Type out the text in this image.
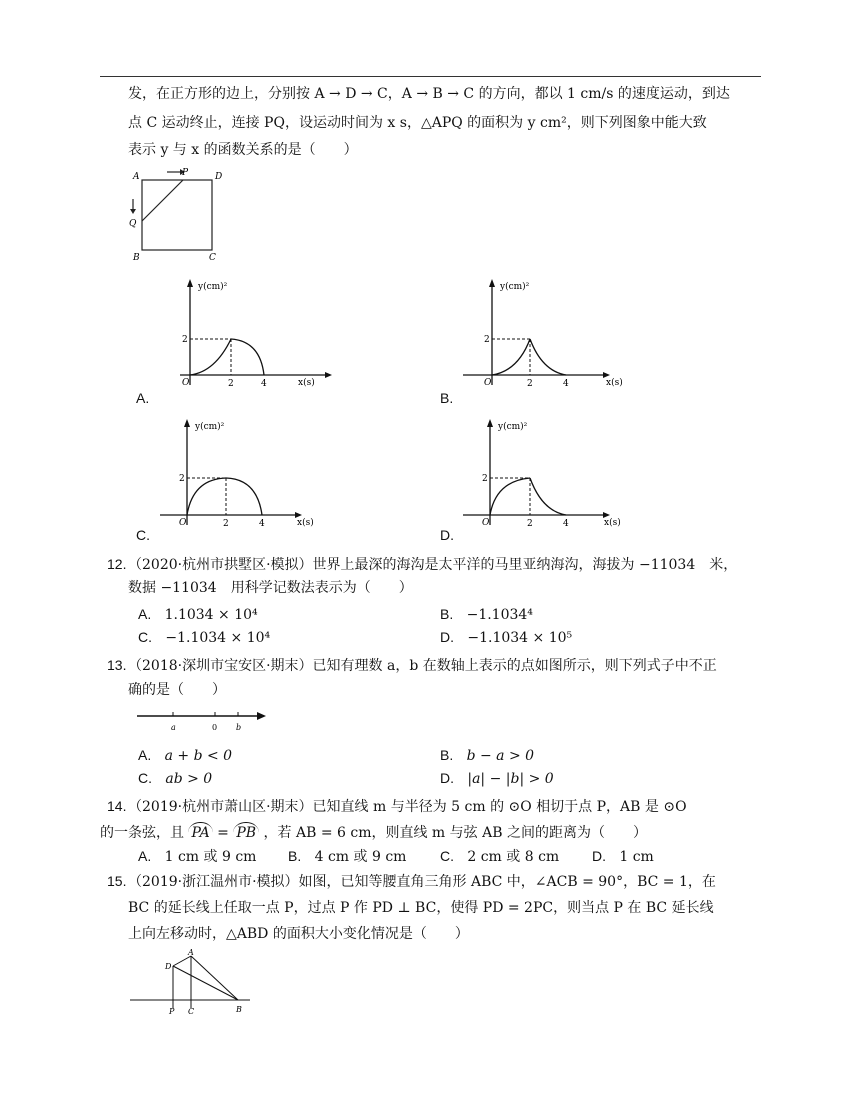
发，在正方形的边上，分别按 A → D → C，A → B → C 的方向，都以 1 cm/s 的速度运动，到达
点 C 运动终止，连接 PQ，设运动时间为 x s，△APQ 的面积为 y cm²，则下列图象中能大致
表示 y 与 x 的函数关系的是（　　）
A	P	D
Q
B	C
y(cm)²
x(s)
O	2	4
2
A.
y(cm)²
x(s)
O	2	4
2
B.
y(cm)²
x(s)
O	2	4
2
C.
y(cm)²
x(s)
O	2	4
2
D.
12. （2020·杭州市拱墅区·模拟）世界上最深的海沟是太平洋的马里亚纳海沟，海拔为 −11034　米，
数据 −11034　用科学记数法表示为（　　）
A. 1.1034 × 10⁴	B. −1.1034⁴
C. −1.1034 × 10⁴	D. −1.1034 × 10⁵
13. （2018·深圳市宝安区·期末）已知有理数 a，b 在数轴上表示的点如图所示，则下列式子中不正
确的是（　　）
a	0 b
A. a + b < 0	B. b − a > 0
C. ab > 0	D. |a| − |b| > 0
14. （2019·杭州市萧山区·期末）已知直线 m 与半径为 5 cm 的 ⊙O 相切于点 P，AB 是 ⊙O
的一条弦，且 PA = PB ，若 AB = 6 cm，则直线 m 与弦 AB 之间的距离为（　　）
A. 1 cm 或 9 cm B. 4 cm 或 9 cm C. 2 cm 或 8 cm D. 1 cm
15. （2019·浙江温州市·模拟）如图，已知等腰直角三角形 ABC 中，∠ACB = 90°，BC = 1，在
BC 的延长线上任取一点 P，过点 P 作 PD ⊥ BC，使得 PD = 2PC，则当点 P 在 BC 延长线
上向左移动时，△ABD 的面积大小变化情况是（　　）
D
A
P C	B
